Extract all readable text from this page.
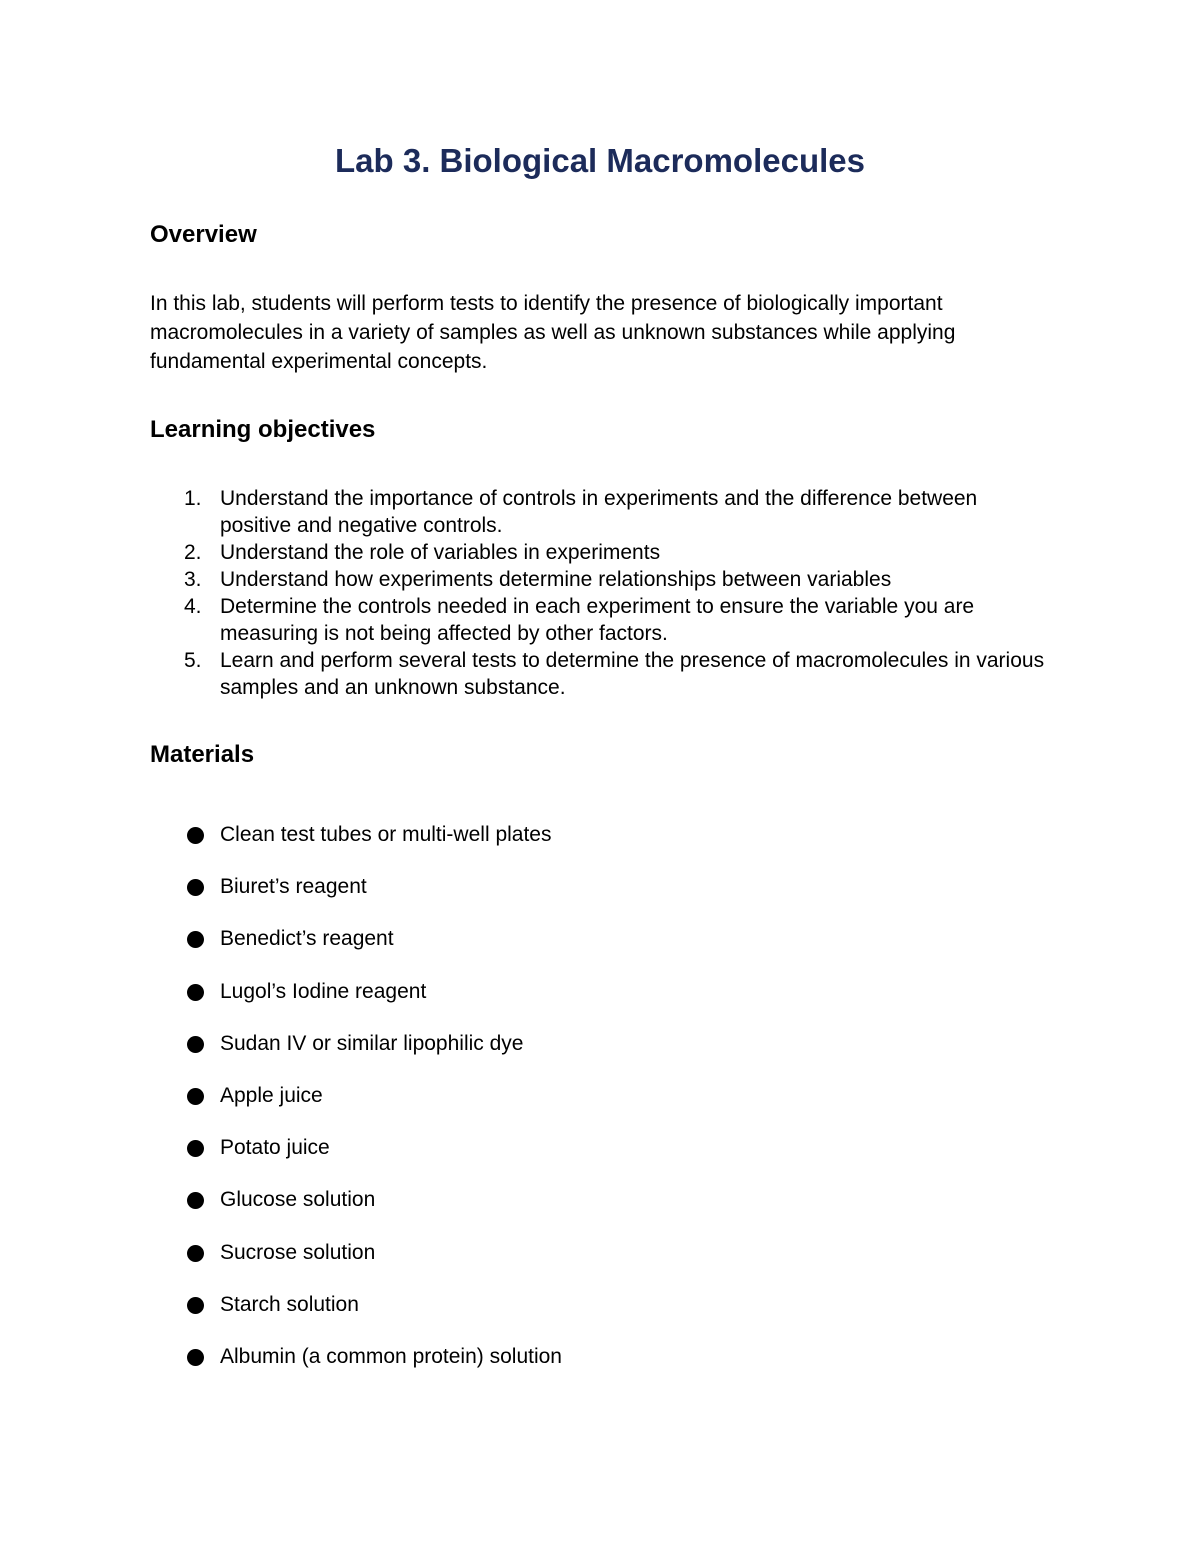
Lab 3. Biological Macromolecules
Overview

In this lab, students will perform tests to identify the presence of biologically important macromolecules in a variety of samples as well as unknown substances while applying fundamental experimental concepts.

Learning objectives
1. Understand the importance of controls in experiments and the difference between positive and negative controls.
2. Understand the role of variables in experiments
3. Understand how experiments determine relationships between variables
4. Determine the controls needed in each experiment to ensure the variable you are measuring is not being affected by other factors.
5. Learn and perform several tests to determine the presence of macromolecules in various samples and an unknown substance.
Materials
Clean test tubes or multi-well plates
Biuret’s reagent
Benedict’s reagent
Lugol’s Iodine reagent
Sudan IV or similar lipophilic dye
Apple juice
Potato juice
Glucose solution
Sucrose solution
Starch solution
Albumin (a common protein) solution
